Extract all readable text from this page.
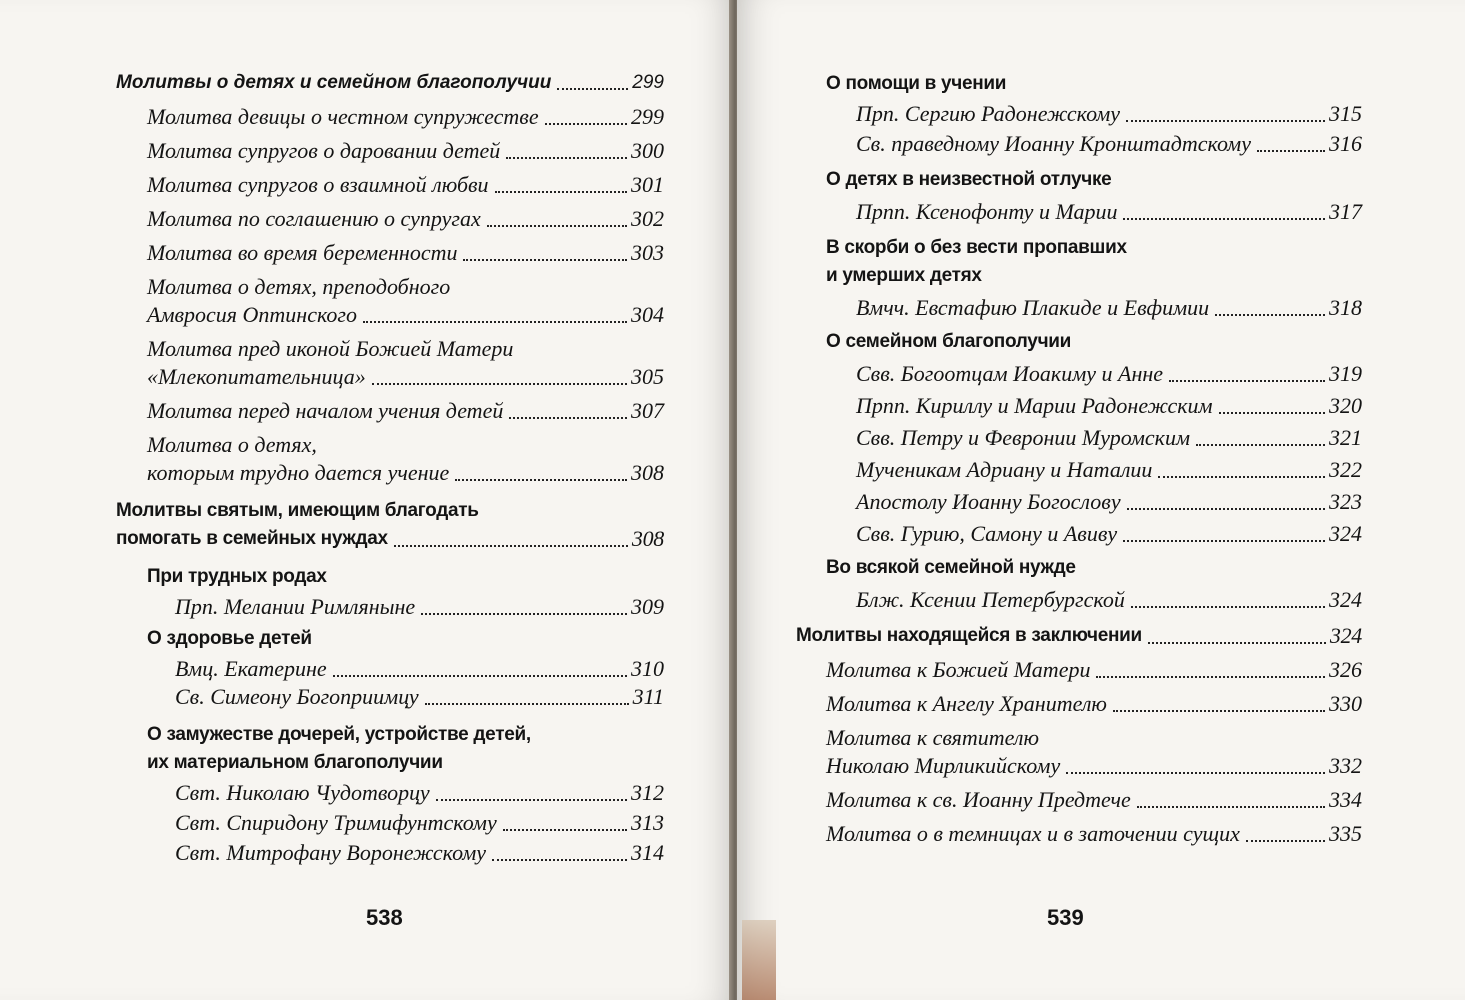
Молитвы о детях и семейном благополучии	299
Молитва девицы о честном супружестве	299
Молитва супругов о даровании детей	300
Молитва супругов о взаимной любви	301
Молитва по соглашению о супругах	302
Молитва во время беременности	303
Молитва о детях, преподобного
Амвросия Оптинского	304
Молитва пред иконой Божией Матери
«Млекопитательница»	305
Молитва перед началом учения детей	307
Молитва о детях,
которым трудно дается учение	308
Молитвы святым, имеющим благодать
помогать в семейных нуждах	308
При трудных родах
Прп. Мелании Римляныне	309
О здоровье детей
Вмц. Екатерине	310
Св. Симеону Богоприимцу	311
О замужестве дочерей, устройстве детей,
их материальном благополучии
Свт. Николаю Чудотворцу	312
Свт. Спиридону Тримифунтскому	313
Свт. Митрофану Воронежскому	314
538
О помощи в учении
Прп. Сергию Радонежскому	315
Св. праведному Иоанну Кронштадтскому	316
О детях в неизвестной отлучке
Прпп. Ксенофонту и Марии	317
В скорби о без вести пропавших
и умерших детях
Вмчч. Евстафию Плакиде и Евфимии	318
О семейном благополучии
Свв. Богоотцам Иоакиму и Анне	319
Прпп. Кириллу и Марии Радонежским	320
Свв. Петру и Февронии Муромским	321
Мученикам Адриану и Наталии	322
Апостолу Иоанну Богослову	323
Свв. Гурию, Самону и Авиву	324
Во всякой семейной нужде
Блж. Ксении Петербургской	324
Молитвы находящейся в заключении	324
Молитва к Божией Матери	326
Молитва к Ангелу Хранителю	330
Молитва к святителю
Николаю Мирликийскому	332
Молитва к св. Иоанну Предтече	334
Молитва о в темницах и в заточении сущих	335
539
